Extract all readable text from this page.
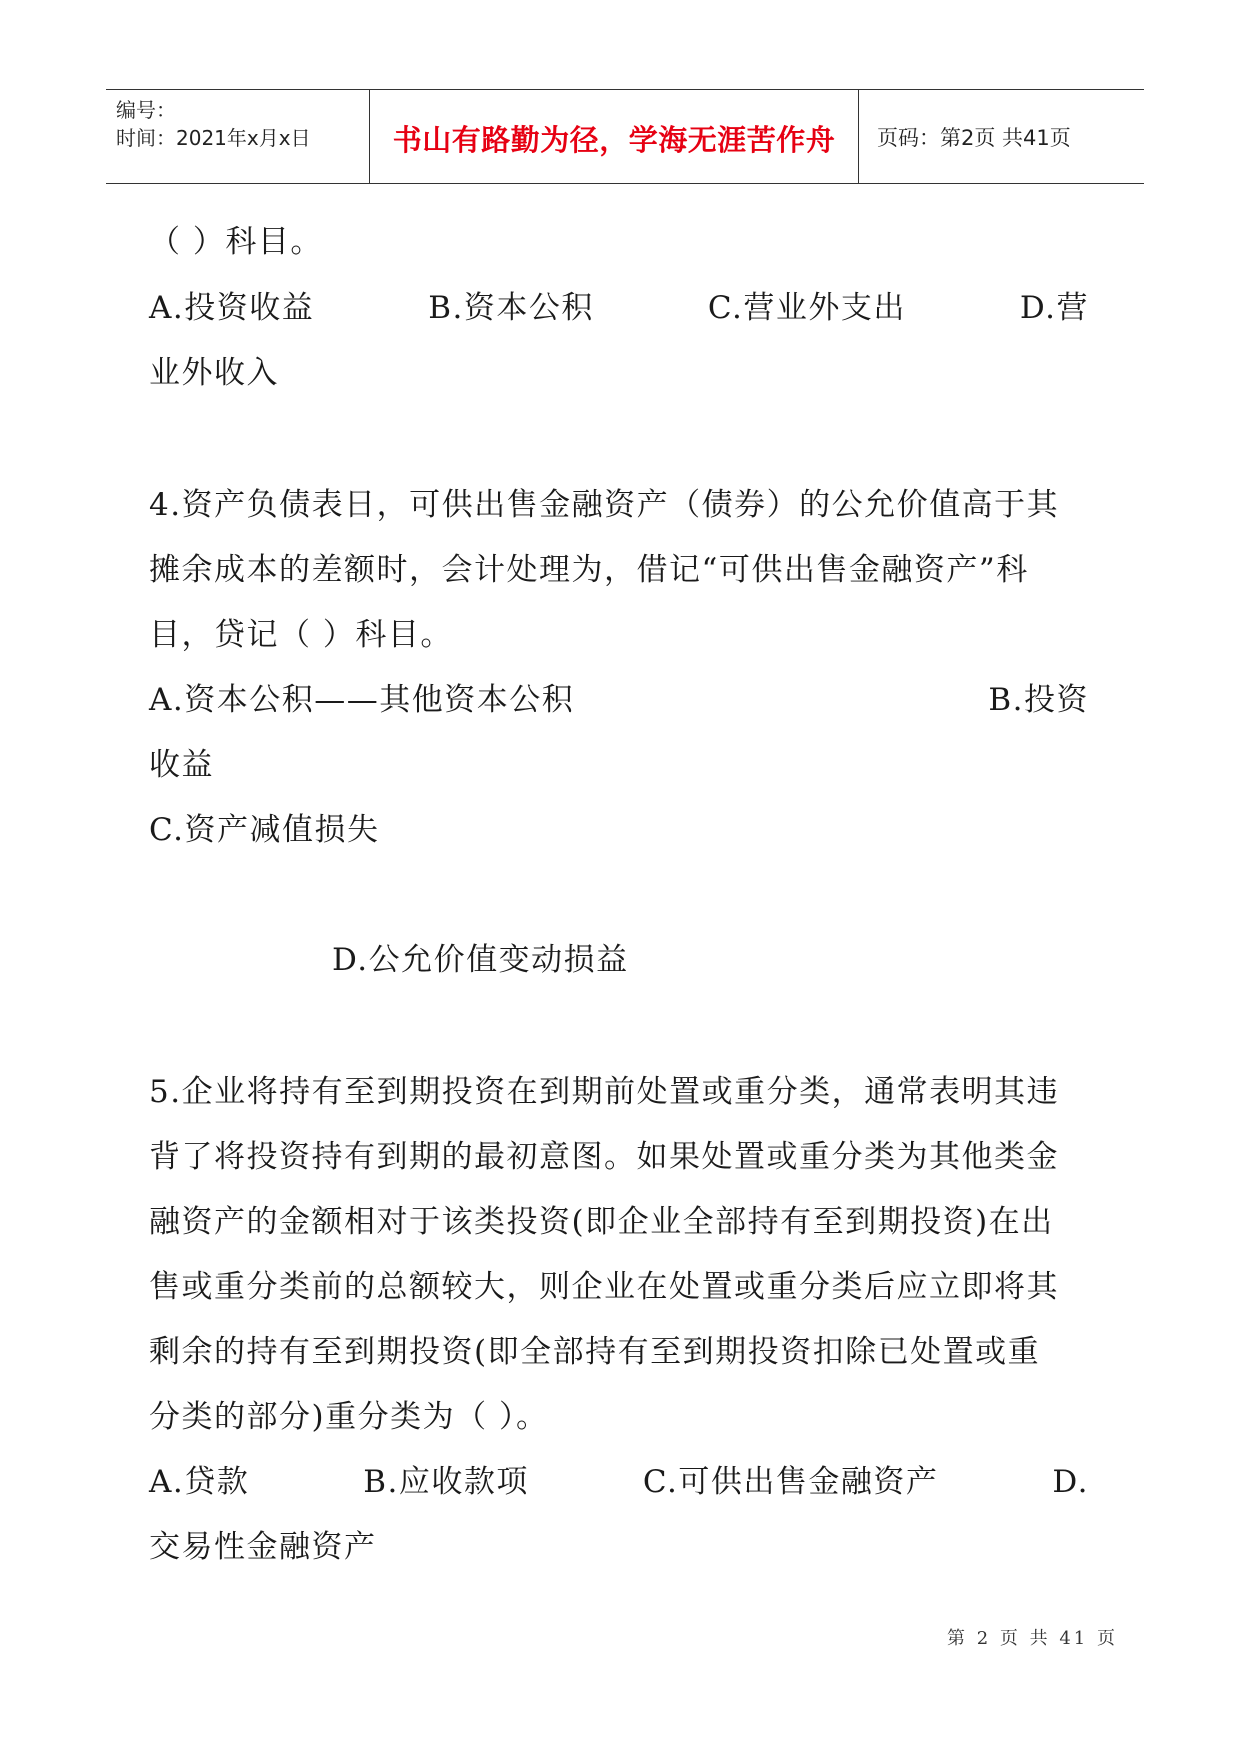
编号：
时间：2021年x月x日	书山有路勤为径，学海无涯苦作舟	页码：第2页 共41页
（ ）科目。
A.投资收益	B.资本公积	C.营业外支出	D.营
业外收入
4.资产负债表日，可供出售金融资产（债券）的公允价值高于其
摊余成本的差额时，会计处理为，借记“可供出售金融资产”科
目，贷记（ ）科目。
A.资本公积——其他资本公积	B.投资
收益
C.资产减值损失
D.公允价值变动损益
5.企业将持有至到期投资在到期前处置或重分类，通常表明其违
背了将投资持有到期的最初意图。如果处置或重分类为其他类金
融资产的金额相对于该类投资(即企业全部持有至到期投资)在出
售或重分类前的总额较大，则企业在处置或重分类后应立即将其
剩余的持有至到期投资(即全部持有至到期投资扣除已处置或重
分类的部分)重分类为（ ）。
A.贷款	B.应收款项	C.可供出售金融资产	D.
交易性金融资产
第 2 页 共 41 页
